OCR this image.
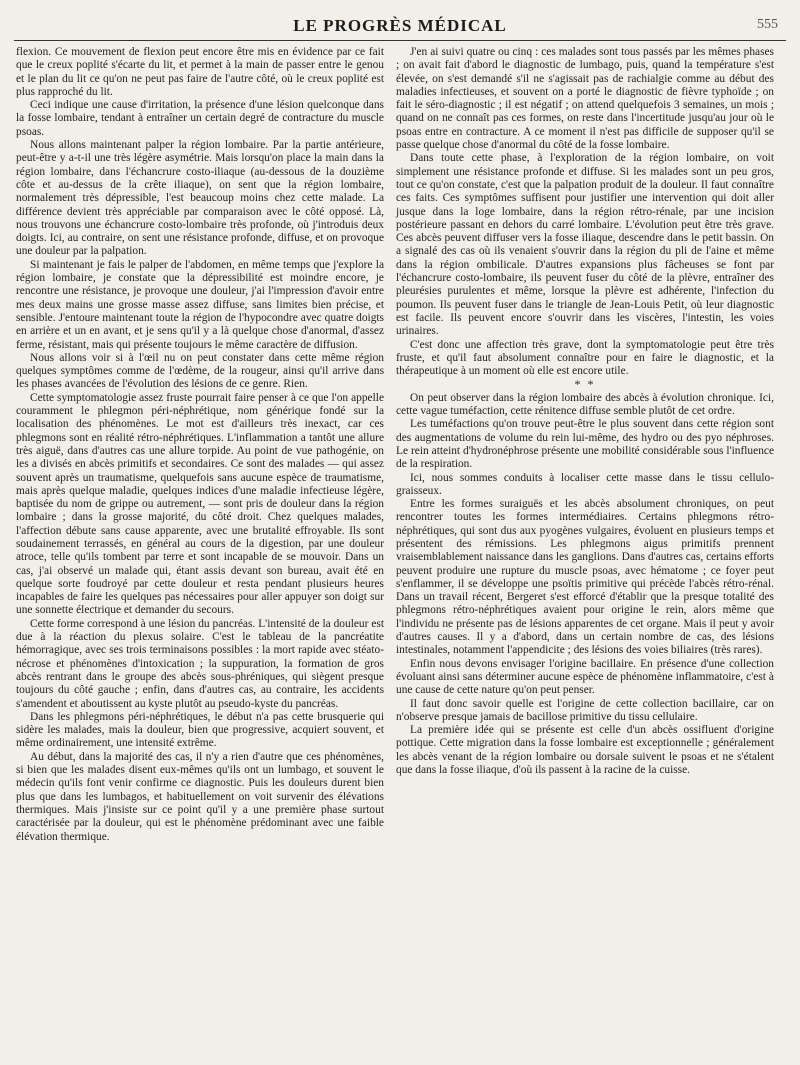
LE PROGRÈS MÉDICAL	555

flexion. Ce mouvement de flexion peut encore être mis en évidence par ce fait que le creux poplité s'écarte du lit, et permet à la main de passer entre le genou et le plan du lit ce qu'on ne peut pas faire de l'autre côté, où le creux poplité est plus rapproché du lit.

Ceci indique une cause d'irritation, la présence d'une lésion quelconque dans la fosse lombaire, tendant à entraîner un certain degré de contracture du muscle psoas.

Nous allons maintenant palper la région lombaire. Par la partie antérieure, peut-être y a-t-il une très légère asymétrie. Mais lorsqu'on place la main dans la région lombaire, dans l'échancrure costo-iliaque (au-dessous de la douzième côte et au-dessus de la crête iliaque), on sent que la région lombaire, normalement très dépressible, l'est beaucoup moins chez cette malade. La différence devient très appréciable par comparaison avec le côté opposé. Là, nous trouvons une échancrure costo-lombaire très profonde, où j'introduis deux doigts. Ici, au contraire, on sent une résistance profonde, diffuse, et on provoque une douleur par la palpation.

Si maintenant je fais le palper de l'abdomen, en même temps que j'explore la région lombaire, je constate que la dépressibilité est moindre encore, je rencontre une résistance, je provoque une douleur, j'ai l'impression d'avoir entre mes deux mains une grosse masse assez diffuse, sans limites bien précise, et sensible. J'entoure maintenant toute la région de l'hypocondre avec quatre doigts en arrière et un en avant, et je sens qu'il y a là quelque chose d'anormal, d'assez ferme, résistant, mais qui présente toujours le même caractère de diffusion.

Nous allons voir si à l'œil nu on peut constater dans cette même région quelques symptômes comme de l'œdème, de la rougeur, ainsi qu'il arrive dans les phases avancées de l'évolution des lésions de ce genre. Rien.

Cette symptomatologie assez fruste pourrait faire penser à ce que l'on appelle couramment le phlegmon péri-néphrétique, nom générique fondé sur la localisation des phénomènes. Le mot est d'ailleurs très inexact, car ces phlegmons sont en réalité rétro-néphrétiques. L'inflammation a tantôt une allure très aiguë, dans d'autres cas une allure torpide. Au point de vue pathogénie, on les a divisés en abcès primitifs et secondaires. Ce sont des malades — qui assez souvent après un traumatisme, quelquefois sans aucune espèce de traumatisme, mais après quelque maladie, quelques indices d'une maladie infectieuse légère, baptisée du nom de grippe ou autrement, — sont pris de douleur dans la région lombaire ; dans la grosse majorité, du côté droit. Chez quelques malades, l'affection débute sans cause apparente, avec une brutalité effroyable. Ils sont soudainement terrassés, en général au cours de la digestion, par une douleur atroce, telle qu'ils tombent par terre et sont incapable de se mouvoir. Dans un cas, j'ai observé un malade qui, étant assis devant son bureau, avait été en quelque sorte foudroyé par cette douleur et resta pendant plusieurs heures incapables de faire les quelques pas nécessaires pour aller appuyer son doigt sur une sonnette électrique et demander du secours.

Cette forme correspond à une lésion du pancréas. L'intensité de la douleur est due à la réaction du plexus solaire. C'est le tableau de la pancréatite hémorragique, avec ses trois terminaisons possibles : la mort rapide avec stéato-nécrose et phénomènes d'intoxication ; la suppuration, la formation de gros abcès rentrant dans le groupe des abcès sous-phréniques, qui siègent presque toujours du côté gauche ; enfin, dans d'autres cas, au contraire, les accidents s'amendent et aboutissent au kyste plutôt au pseudo-kyste du pancréas.

Dans les phlegmons péri-néphrétiques, le début n'a pas cette brusquerie qui sidère les malades, mais la douleur, bien que progressive, acquiert souvent, et même ordinairement, une intensité extrême.

Au début, dans la majorité des cas, il n'y a rien d'autre que ces phénomènes, si bien que les malades disent eux-mêmes qu'ils ont un lumbago, et souvent le médecin qu'ils font venir confirme ce diagnostic. Puis les douleurs durent bien plus que dans les lumbagos, et habituellement on voit survenir des élévations thermiques. Mais j'insiste sur ce point qu'il y a une première phase surtout caractérisée par la douleur, qui est le phénomène prédominant avec une faible élévation thermique.

J'en ai suivi quatre ou cinq : ces malades sont tous passés par les mêmes phases ; on avait fait d'abord le diagnostic de lumbago, puis, quand la température s'est élevée, on s'est demandé s'il ne s'agissait pas de rachialgie comme au début des maladies infectieuses, et souvent on a porté le diagnostic de fièvre typhoïde ; on fait le séro-diagnostic ; il est négatif ; on attend quelquefois 3 semaines, un mois ; quand on ne connaît pas ces formes, on reste dans l'incertitude jusqu'au jour où le psoas entre en contracture. A ce moment il n'est pas difficile de supposer qu'il se passe quelque chose d'anormal du côté de la fosse lombaire.

Dans toute cette phase, à l'exploration de la région lombaire, on voit simplement une résistance profonde et diffuse. Si les malades sont un peu gros, tout ce qu'on constate, c'est que la palpation produit de la douleur. Il faut connaître ces faits. Ces symptômes suffisent pour justifier une intervention qui doit aller jusque dans la loge lombaire, dans la région rétro-rénale, par une incision postérieure passant en dehors du carré lombaire. L'évolution peut être très grave. Ces abcès peuvent diffuser vers la fosse iliaque, descendre dans le petit bassin. On a signalé des cas où ils venaient s'ouvrir dans la région du pli de l'aine et même dans la région ombilicale. D'autres expansions plus fâcheuses se font par l'échancrure costo-lombaire, ils peuvent fuser du côté de la plèvre, entraîner des pleurésies purulentes et même, lorsque la plèvre est adhérente, l'infection du poumon. Ils peuvent fuser dans le triangle de Jean-Louis Petit, où leur diagnostic est facile. Ils peuvent encore s'ouvrir dans les viscères, l'intestin, les voies urinaires.

C'est donc une affection très grave, dont la symptomatologie peut être très fruste, et qu'il faut absolument connaître pour en faire le diagnostic, et la thérapeutique à un moment où elle est encore utile.

* *

On peut observer dans la région lombaire des abcès à évolution chronique. Ici, cette vague tuméfaction, cette rénitence diffuse semble plutôt de cet ordre.

Les tuméfactions qu'on trouve peut-être le plus souvent dans cette région sont des augmentations de volume du rein lui-même, des hydro ou des pyo néphroses. Le rein atteint d'hydronéphrose présente une mobilité considérable sous l'influence de la respiration.

Ici, nous sommes conduits à localiser cette masse dans le tissu cellulo-graisseux.

Entre les formes suraiguës et les abcès absolument chroniques, on peut rencontrer toutes les formes intermédiaires. Certains phlegmons rétro-néphrétiques, qui sont dus aux pyogènes vulgaires, évoluent en plusieurs temps et présentent des rémissions. Les phlegmons aigus primitifs prennent vraisemblablement naissance dans les ganglions. Dans d'autres cas, certains efforts peuvent produire une rupture du muscle psoas, avec hématome ; ce foyer peut s'enflammer, il se développe une psoïtis primitive qui précède l'abcès rétro-rénal. Dans un travail récent, Bergeret s'est efforcé d'établir que la presque totalité des phlegmons rétro-néphrétiques avaient pour origine le rein, alors même que l'individu ne présente pas de lésions apparentes de cet organe. Mais il peut y avoir d'autres causes. Il y a d'abord, dans un certain nombre de cas, des lésions intestinales, notamment l'appendicite ; des lésions des voies biliaires (très rares).

Enfin nous devons envisager l'origine bacillaire. En présence d'une collection évoluant ainsi sans déterminer aucune espèce de phénomène inflammatoire, c'est à une cause de cette nature qu'on peut penser.

Il faut donc savoir quelle est l'origine de cette collection bacillaire, car on n'observe presque jamais de bacillose primitive du tissu cellulaire.

La première idée qui se présente est celle d'un abcès ossifluent d'origine pottique. Cette migration dans la fosse lombaire est exceptionnelle ; généralement les abcès venant de la région lombaire ou dorsale suivent le psoas et ne s'étalent que dans la fosse iliaque, d'où ils passent à la racine de la cuisse.
